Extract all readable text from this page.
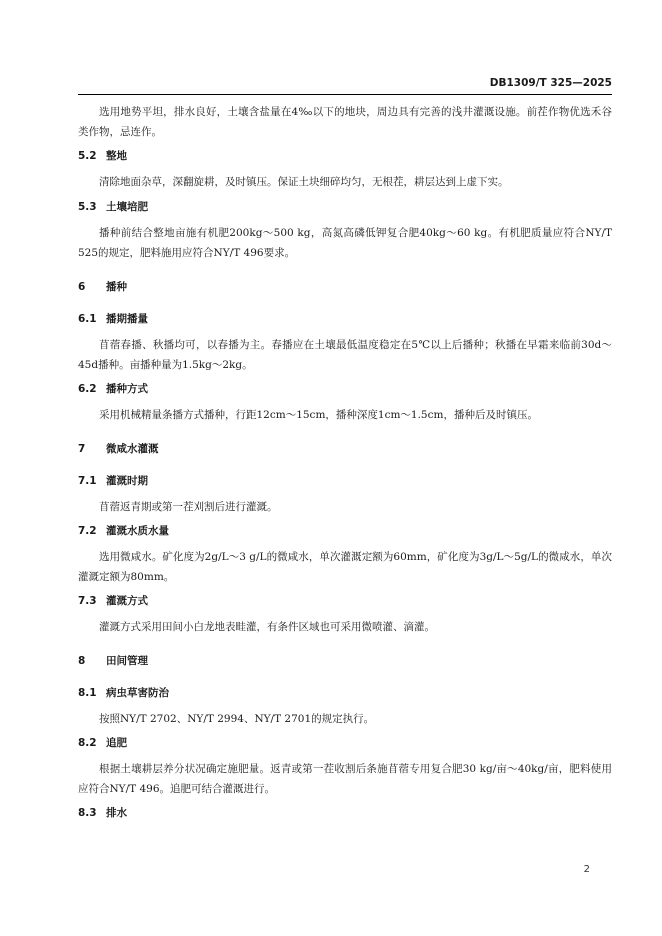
DB1309/T 325—2025

选用地势平坦，排水良好，土壤含盐量在4‰以下的地块，周边具有完善的浅井灌溉设施。前茬作物优选禾谷类作物，忌连作。

5.2 整地

清除地面杂草，深翻旋耕，及时镇压。保证土块细碎均匀，无根茬，耕层达到上虚下实。

5.3 土壤培肥

播种前结合整地亩施有机肥200kg～500 kg，高氮高磷低钾复合肥40kg～60 kg。有机肥质量应符合NY/T 525的规定，肥料施用应符合NY/T 496要求。

6 播种

6.1 播期播量

苜蓿春播、秋播均可，以春播为主。春播应在土壤最低温度稳定在5℃以上后播种；秋播在早霜来临前30d～45d播种。亩播种量为1.5kg～2kg。

6.2 播种方式

采用机械精量条播方式播种，行距12cm～15cm，播种深度1cm～1.5cm，播种后及时镇压。

7 微咸水灌溉

7.1 灌溉时期

苜蓿返青期或第一茬刈割后进行灌溉。

7.2 灌溉水质水量

选用微咸水。矿化度为2g/L～3 g/L的微咸水，单次灌溉定额为60mm，矿化度为3g/L～5g/L的微咸水，单次灌溉定额为80mm。

7.3 灌溉方式

灌溉方式采用田间小白龙地表畦灌，有条件区域也可采用微喷灌、滴灌。

8 田间管理

8.1 病虫草害防治

按照NY/T 2702、NY/T 2994、NY/T 2701的规定执行。

8.2 追肥

根据土壤耕层养分状况确定施肥量。返青或第一茬收割后条施苜蓿专用复合肥30 kg/亩～40kg/亩，肥料使用应符合NY/T 496。追肥可结合灌溉进行。

8.3 排水

2
